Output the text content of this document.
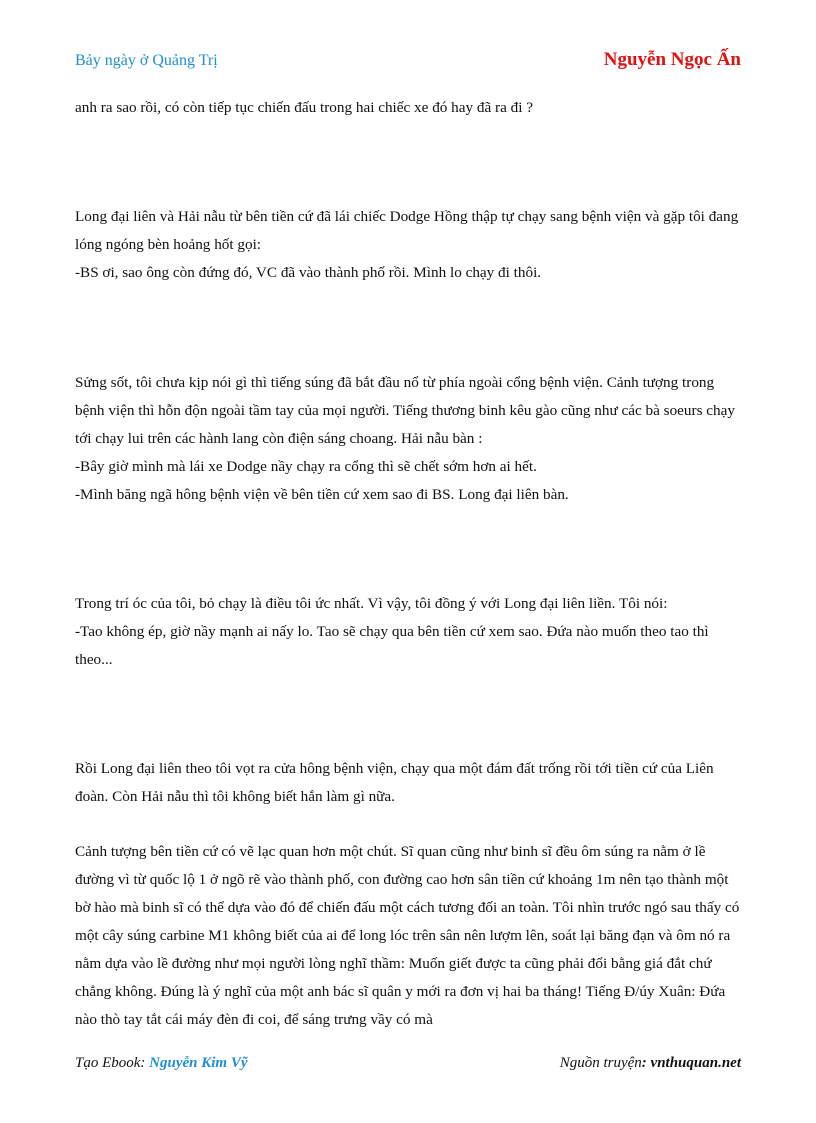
Bảy ngày ở Quảng Trị	Nguyễn Ngọc Ấn

anh ra sao rồi, có còn tiếp tục chiến đấu trong hai chiếc xe đó hay đã ra đi ?

Long đại liên và Hải nẫu từ bên tiền cứ đã lái chiếc Dodge Hồng thập tự chạy sang bệnh viện và gặp tôi đang lóng ngóng bèn hoảng hốt gọi:

-BS ơi, sao ông còn đứng đó, VC đã vào thành phố rồi. Mình lo chạy đi thôi.

Sửng sốt, tôi chưa kịp nói gì thì tiếng súng đã bắt đầu nổ từ phía ngoài cổng bệnh viện. Cảnh tượng trong bệnh viện thì hỗn độn ngoài tầm tay của mọi người. Tiếng thương binh kêu gào cũng như các bà soeurs chạy tới chạy lui trên các hành lang còn điện sáng choang. Hải nẫu bàn :

-Bây giờ mình mà lái xe Dodge nầy chạy ra cổng thì sẽ chết sớm hơn ai hết.

-Mình băng ngã hông bệnh viện về bên tiền cứ xem sao đi BS. Long đại liên bàn.

Trong trí óc của tôi, bỏ chạy là điều tôi ức nhất. Vì vậy, tôi đồng ý với Long đại liên liền. Tôi nói:

-Tao không ép, giờ nầy mạnh ai nấy lo. Tao sẽ chạy qua bên tiền cứ xem sao. Đứa nào muốn theo tao thì theo...

Rồi Long đại liên theo tôi vọt ra cửa hông bệnh viện, chạy qua một đám đất trống rồi tới tiền cứ của Liên đoàn. Còn Hải nẫu thì tôi không biết hắn làm gì nữa.

Cảnh tượng bên tiền cứ có vẽ lạc quan hơn một chút. Sĩ quan cũng như binh sĩ đều ôm súng ra nằm ở lề đường vì từ quốc lộ 1 ở ngõ rẽ vào thành phố, con đường cao hơn sân tiền cứ khoảng 1m nên tạo thành một bờ hào mà binh sĩ có thể dựa vào đó để chiến đấu một cách tương đối an toàn. Tôi nhìn trước ngó sau thấy có một cây súng carbine M1 không biết của ai để long lóc trên sân nên lượm lên, soát lại băng đạn và ôm nó ra nằm dựa vào lề đường như mọi người lòng nghĩ thầm: Muốn giết được ta cũng phải đổi bằng giá đắt chứ chẳng không. Đúng là ý nghĩ của một anh bác sĩ quân y mới ra đơn vị hai ba tháng! Tiếng Đ/úy Xuân: Đứa nào thò tay tắt cái máy đèn đi coi, để sáng trưng vầy có mà

Tạo Ebook: Nguyễn Kim Vỹ	Nguồn truyện: vnthuquan.net
